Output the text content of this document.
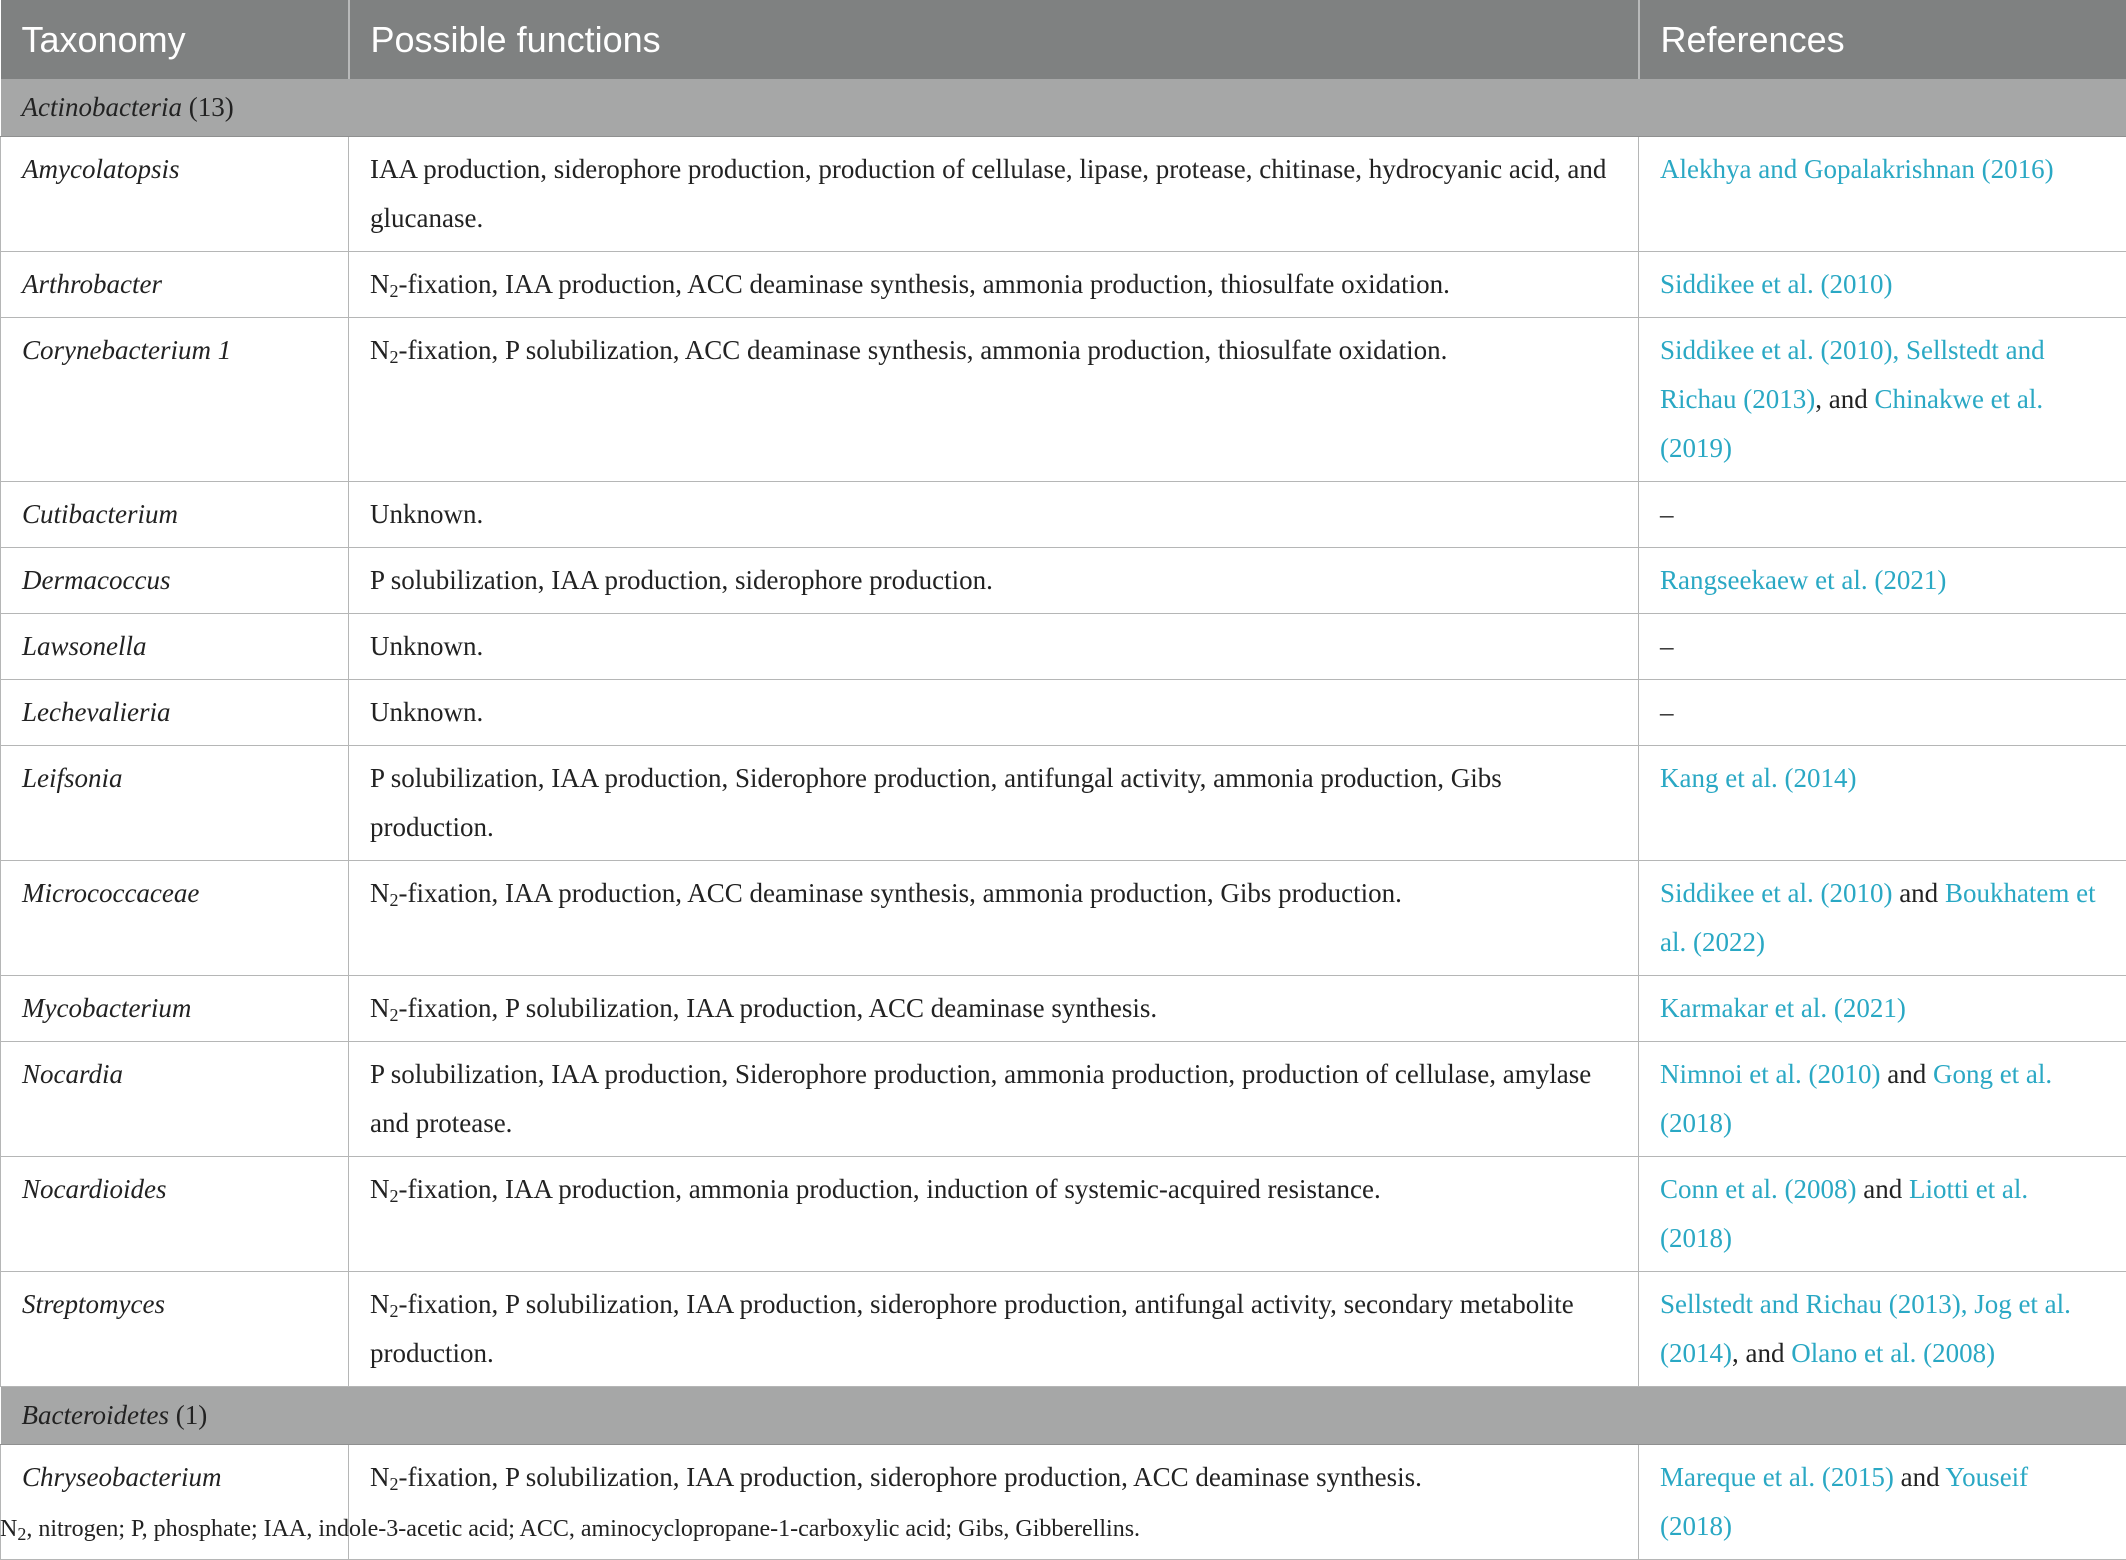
Taxonomy	Possible functions	References
Actinobacteria (13)		
Amycolatopsis	IAA production, siderophore production, production of cellulase, lipase, protease, chitinase, hydrocyanic acid, and glucanase.	Alekhya and Gopalakrishnan (2016)
Arthrobacter	$N_2$-fixation, IAA production, ACC deaminase synthesis, ammonia production, thiosulfate oxidation.	Siddikee et al. (2010)
Corynebacterium 1	$N_2$-fixation, P solubilization, ACC deaminase synthesis, ammonia production, thiosulfate oxidation.	Siddikee et al. (2010), Sellstedt and Richau (2013), and Chinakwe et al. (2019)
Cutibacterium	Unknown.	–
Dermacoccus	P solubilization, IAA production, siderophore production.	Rangseekaew et al. (2021)
Lawsonella	Unknown.	–
Lechevalieria	Unknown.	–
Leifsonia	P solubilization, IAA production, Siderophore production, antifungal activity, ammonia production, Gibs production.	Kang et al. (2014)
Micrococcaceae	$N_2$-fixation, IAA production, ACC deaminase synthesis, ammonia production, Gibs production.	Siddikee et al. (2010) and Boukhatem et al. (2022)
Mycobacterium	$N_2$-fixation, P solubilization, IAA production, ACC deaminase synthesis.	Karmakar et al. (2021)
Nocardia	P solubilization, IAA production, Siderophore production, ammonia production, production of cellulase, amylase and protease.	Nimnoi et al. (2010) and Gong et al. (2018)
Nocardioides	$N_2$-fixation, IAA production, ammonia production, induction of systemic-acquired resistance.	Conn et al. (2008) and Liotti et al. (2018)
Streptomyces	$N_2$-fixation, P solubilization, IAA production, siderophore production, antifungal activity, secondary metabolite production.	Sellstedt and Richau (2013), Jog et al. (2014), and Olano et al. (2008)
Bacteroidetes (1)		
Chryseobacterium	$N_2$-fixation, P solubilization, IAA production, siderophore production, ACC deaminase synthesis.	Mareque et al. (2015) and Youseif (2018)
$N_2$, nitrogen; P, phosphate; IAA, indole-3-acetic acid; ACC, aminocyclopropane-1-carboxylic acid; Gibs, Gibberellins.
